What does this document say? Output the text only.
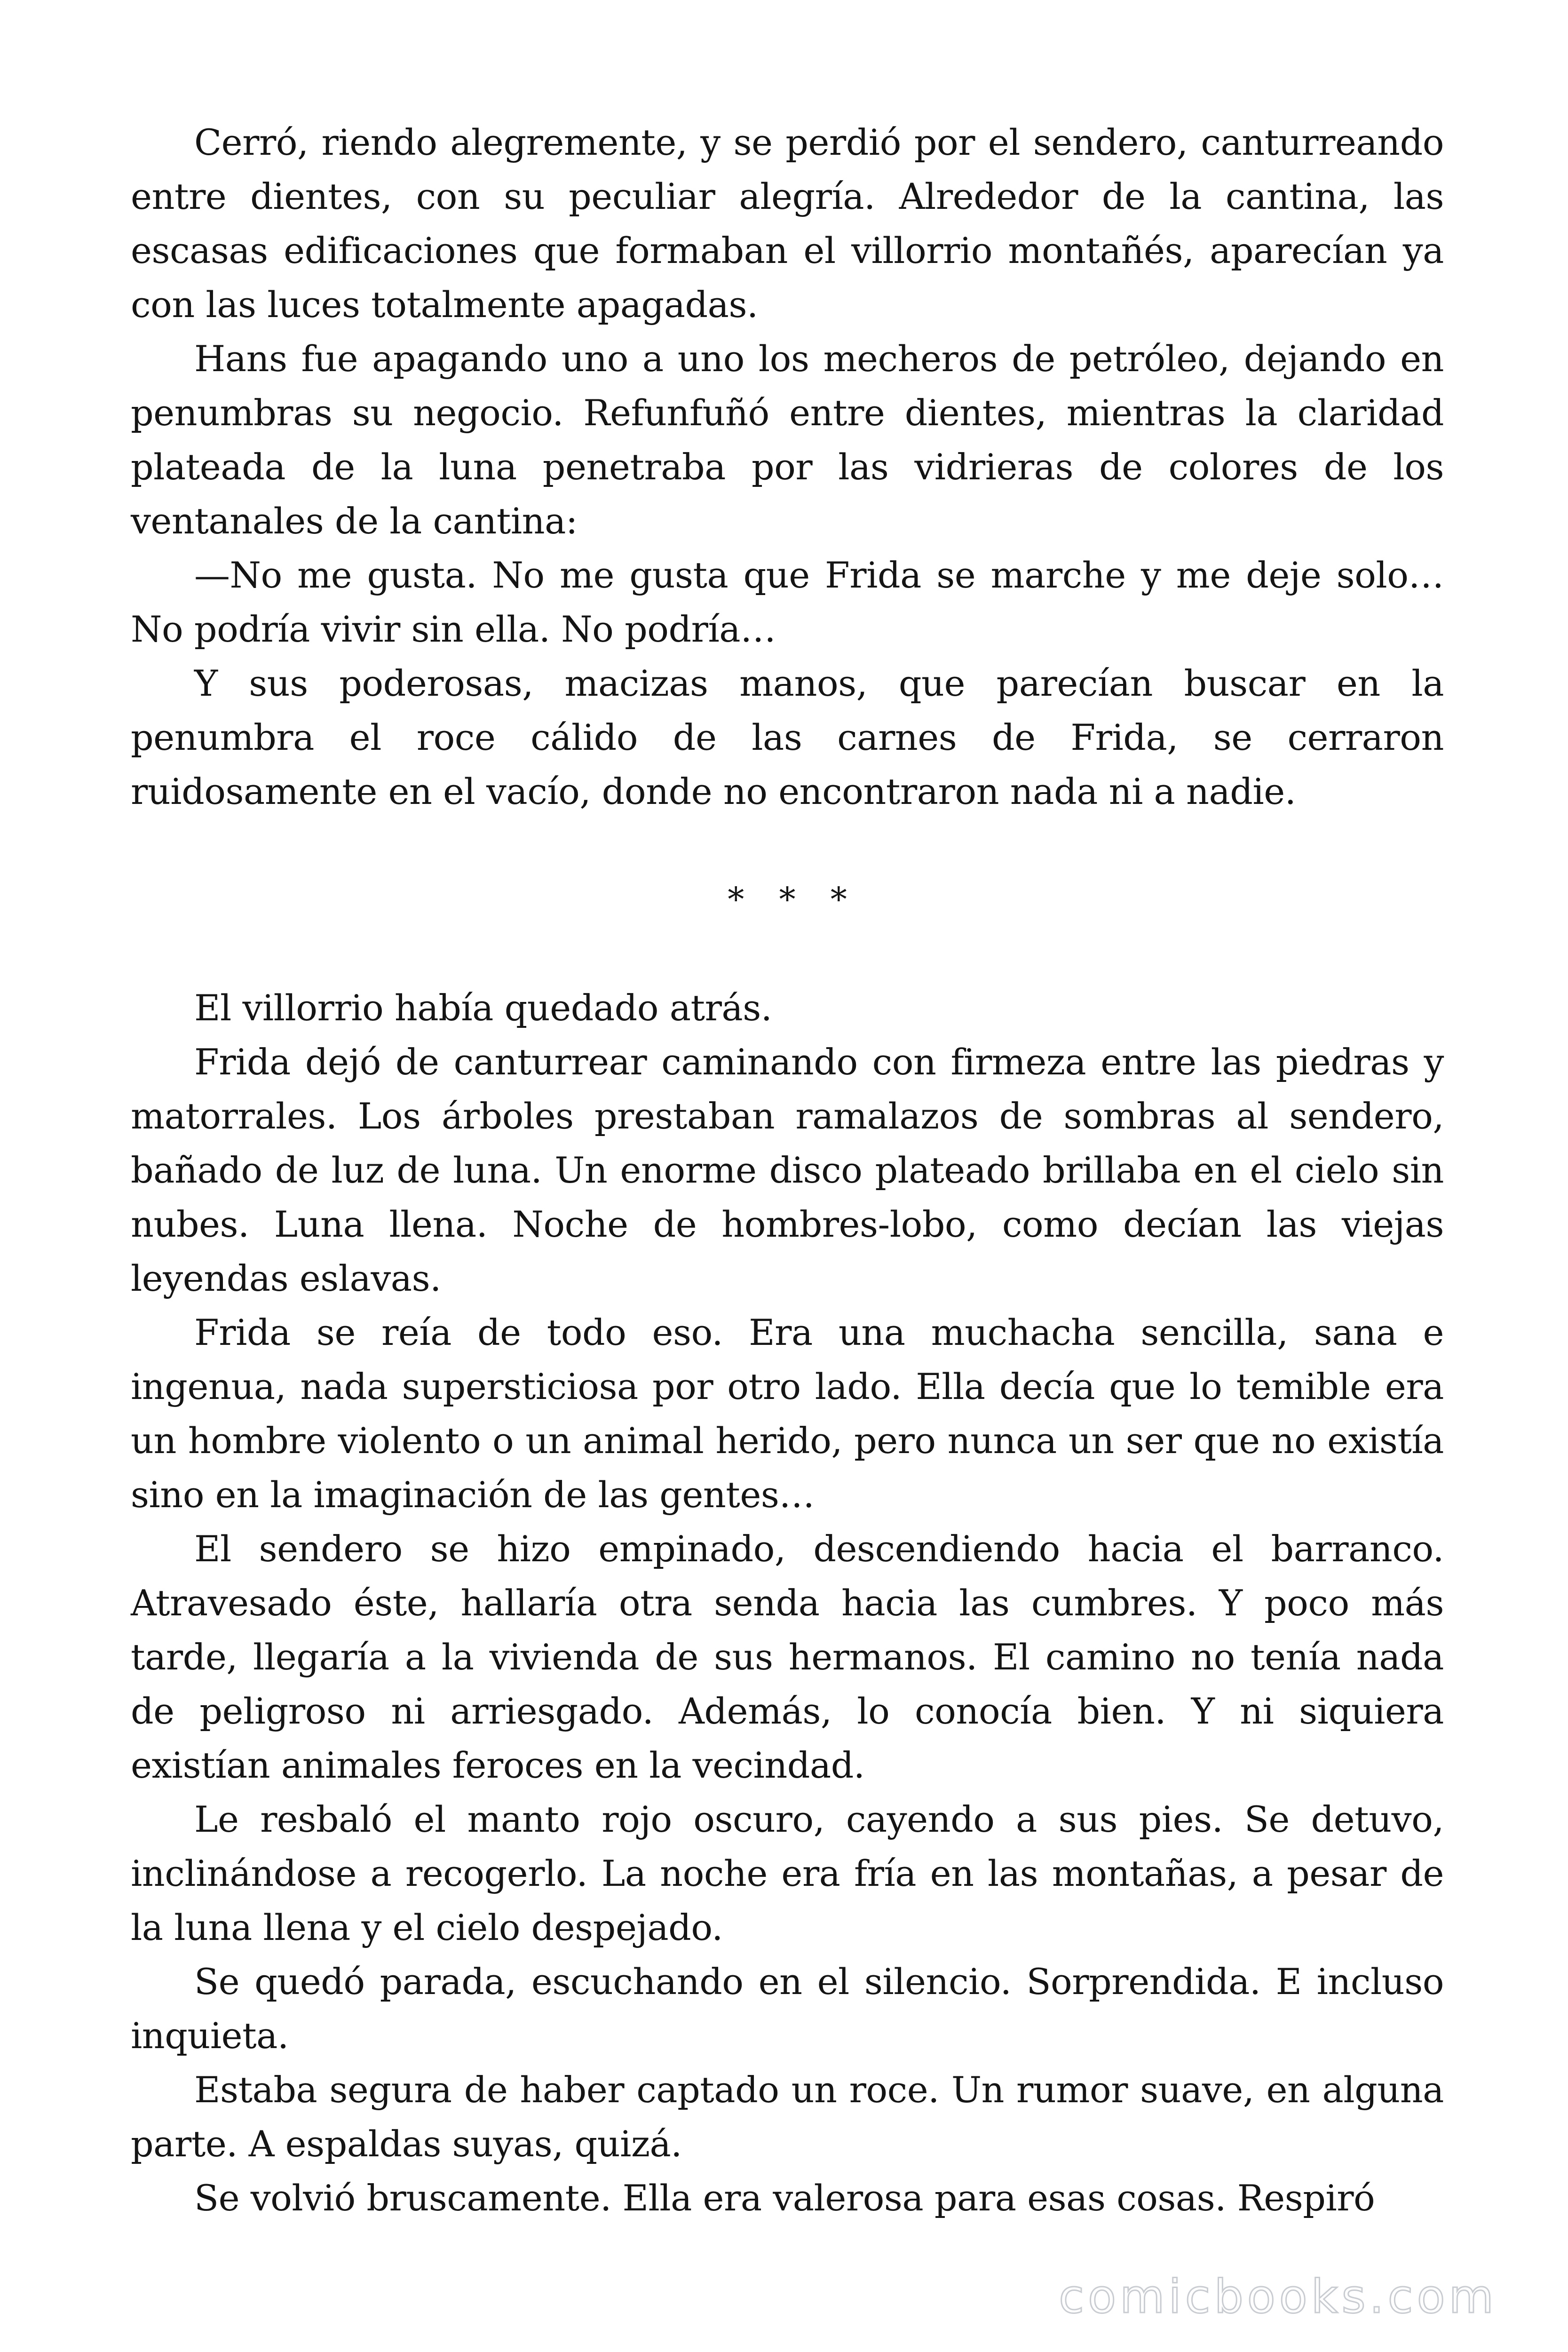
Cerró, riendo alegremente, y se perdió por el sendero, canturreando entre dientes, con su peculiar alegría. Alrededor de la cantina, las escasas edificaciones que formaban el villorrio montañés, aparecían ya con las luces totalmente apagadas.

Hans fue apagando uno a uno los mecheros de petróleo, dejando en penumbras su negocio. Refunfuñó entre dientes, mientras la claridad plateada de la luna penetraba por las vidrieras de colores de los ventanales de la cantina:

—No me gusta. No me gusta que Frida se marche y me deje solo… No podría vivir sin ella. No podría…

Y sus poderosas, macizas manos, que parecían buscar en la penumbra el roce cálido de las carnes de Frida, se cerraron ruidosamente en el vacío, donde no encontraron nada ni a nadie.

* * *

El villorrio había quedado atrás.

Frida dejó de canturrear caminando con firmeza entre las piedras y matorrales. Los árboles prestaban ramalazos de sombras al sendero, bañado de luz de luna. Un enorme disco plateado brillaba en el cielo sin nubes. Luna llena. Noche de hombres-lobo, como decían las viejas leyendas eslavas.

Frida se reía de todo eso. Era una muchacha sencilla, sana e ingenua, nada supersticiosa por otro lado. Ella decía que lo temible era un hombre violento o un animal herido, pero nunca un ser que no existía sino en la imaginación de las gentes…

El sendero se hizo empinado, descendiendo hacia el barranco. Atravesado éste, hallaría otra senda hacia las cumbres. Y poco más tarde, llegaría a la vivienda de sus hermanos. El camino no tenía nada de peligroso ni arriesgado. Además, lo conocía bien. Y ni siquiera existían animales feroces en la vecindad.

Le resbaló el manto rojo oscuro, cayendo a sus pies. Se detuvo, inclinándose a recogerlo. La noche era fría en las montañas, a pesar de la luna llena y el cielo despejado.

Se quedó parada, escuchando en el silencio. Sorprendida. E incluso inquieta.

Estaba segura de haber captado un roce. Un rumor suave, en alguna parte. A espaldas suyas, quizá.

Se volvió bruscamente. Ella era valerosa para esas cosas. Respiró

comicbooks.com
